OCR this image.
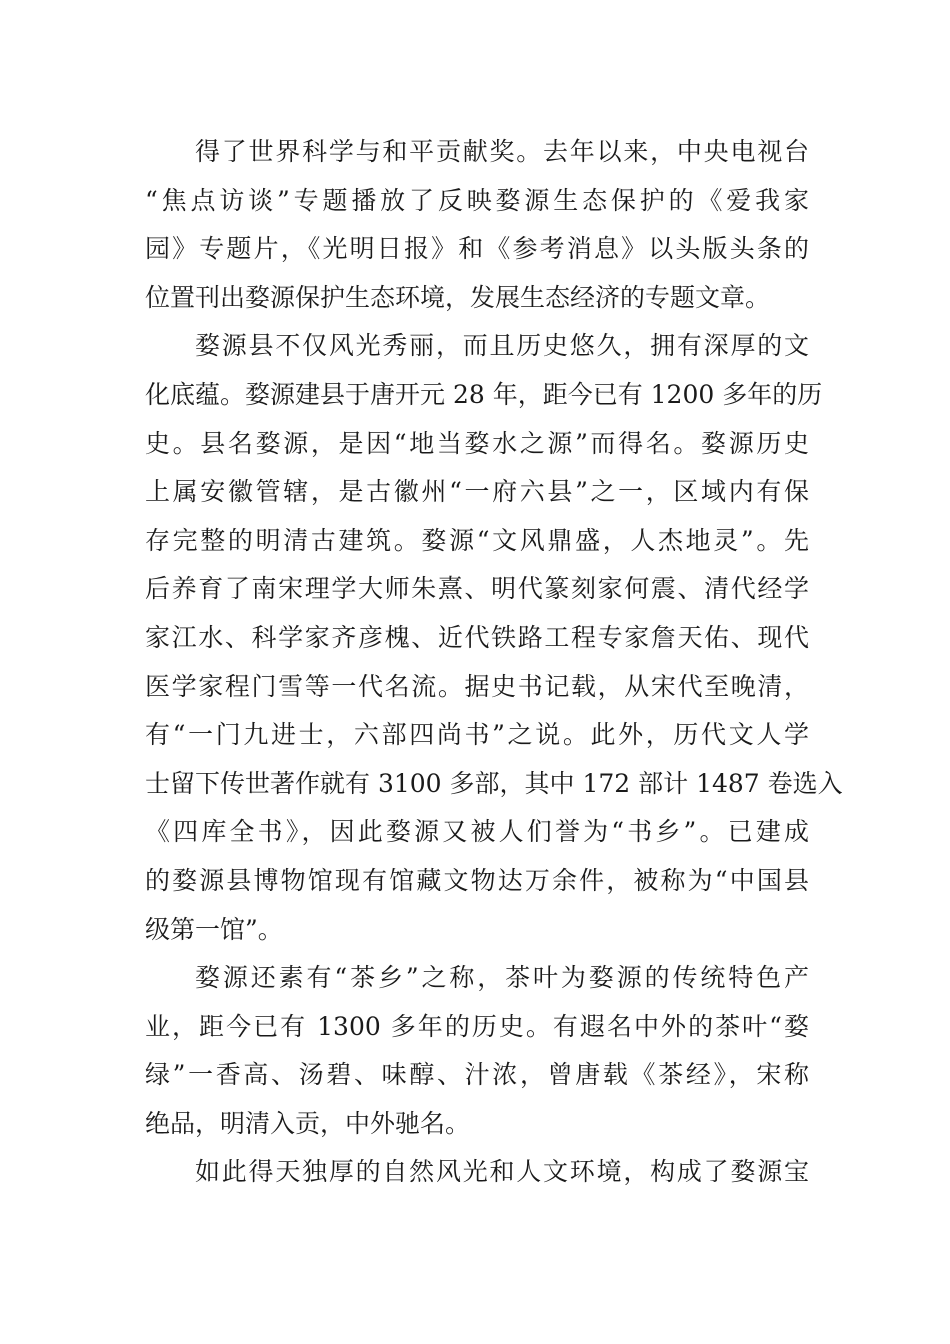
得了世界科学与和平贡献奖。去年以来，中央电视台
“焦点访谈”专题播放了反映婺源生态保护的《爱我家
园》专题片，《光明日报》和《参考消息》以头版头条的
位置刊出婺源保护生态环境，发展生态经济的专题文章。
婺源县不仅风光秀丽，而且历史悠久，拥有深厚的文
化底蕴。婺源建县于唐开元 28 年，距今已有 1200 多年的历
史。县名婺源，是因“地当婺水之源”而得名。婺源历史
上属安徽管辖，是古徽州“一府六县”之一，区域内有保
存完整的明清古建筑。婺源“文风鼎盛，人杰地灵”。先
后养育了南宋理学大师朱熹、明代篆刻家何震、清代经学
家江水、科学家齐彦槐、近代铁路工程专家詹天佑、现代
医学家程门雪等一代名流。据史书记载，从宋代至晚清，
有“一门九进士，六部四尚书”之说。此外，历代文人学
士留下传世著作就有 3100 多部，其中 172 部计 1487 卷选入
《四库全书》，因此婺源又被人们誉为“书乡”。已建成
的婺源县博物馆现有馆藏文物达万余件，被称为“中国县
级第一馆”。
婺源还素有“茶乡”之称，茶叶为婺源的传统特色产
业，距今已有 1300 多年的历史。有遐名中外的茶叶“婺
绿”一香高、汤碧、味醇、汁浓，曾唐载《茶经》，宋称
绝品，明清入贡，中外驰名。
如此得天独厚的自然风光和人文环境，构成了婺源宝
